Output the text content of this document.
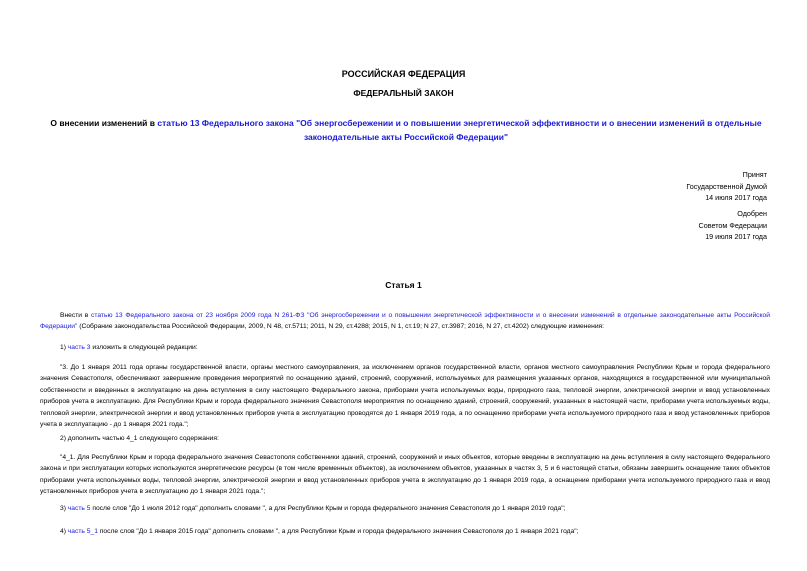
РОССИЙСКАЯ ФЕДЕРАЦИЯ
ФЕДЕРАЛЬНЫЙ ЗАКОН
О внесении изменений в статью 13 Федерального закона "Об энергосбережении и о повышении энергетической эффективности и о внесении изменений в отдельные законодательные акты Российской Федерации"
Принят
Государственной Думой
14 июля 2017 года
Одобрен
Советом Федерации
19 июля 2017 года
Статья 1
Внести в статью 13 Федерального закона от 23 ноября 2009 года N 261-ФЗ "Об энергосбережении и о повышении энергетической эффективности и о внесении изменений в отдельные законодательные акты Российской Федерации" (Собрание законодательства Российской Федерации, 2009, N 48, ст.5711; 2011, N 29, ст.4288; 2015, N 1, ст.19; N 27, ст.3987; 2016, N 27, ст.4202) следующие изменения:
1) часть 3 изложить в следующей редакции:
"3. До 1 января 2011 года органы государственной власти, органы местного самоуправления, за исключением органов государственной власти, органов местного самоуправления Республики Крым и города федерального значения Севастополя, обеспечивают завершение проведения мероприятий по оснащению зданий, строений, сооружений, используемых для размещения указанных органов, находящихся в государственной или муниципальной собственности и введенных в эксплуатацию на день вступления в силу настоящего Федерального закона, приборами учета используемых воды, природного газа, тепловой энергии, электрической энергии и ввод установленных приборов учета в эксплуатацию. Для Республики Крым и города федерального значения Севастополя мероприятия по оснащению зданий, строений, сооружений, указанных в настоящей части, приборами учета используемых воды, тепловой энергии, электрической энергии и ввод установленных приборов учета в эксплуатацию проводятся до 1 января 2019 года, а по оснащению приборами учета используемого природного газа и ввод установленных приборов учета в эксплуатацию - до 1 января 2021 года.";
2) дополнить частью 4_1 следующего содержания:
"4_1. Для Республики Крым и города федерального значения Севастополя собственники зданий, строений, сооружений и иных объектов, которые введены в эксплуатацию на день вступления в силу настоящего Федерального закона и при эксплуатации которых используются энергетические ресурсы (в том числе временных объектов), за исключением объектов, указанных в частях 3, 5 и 6 настоящей статьи, обязаны завершить оснащение таких объектов приборами учета используемых воды, тепловой энергии, электрической энергии и ввод установленных приборов учета в эксплуатацию до 1 января 2019 года, а оснащение приборами учета используемого природного газа и ввод установленных приборов учета в эксплуатацию до 1 января 2021 года.";
3) часть 5 после слов "До 1 июля 2012 года" дополнить словами ", а для Республики Крым и города федерального значения Севастополя до 1 января 2019 года";
4) часть 5_1 после слов "До 1 января 2015 года" дополнить словами ", а для Республики Крым и города федерального значения Севастополя до 1 января 2021 года";
